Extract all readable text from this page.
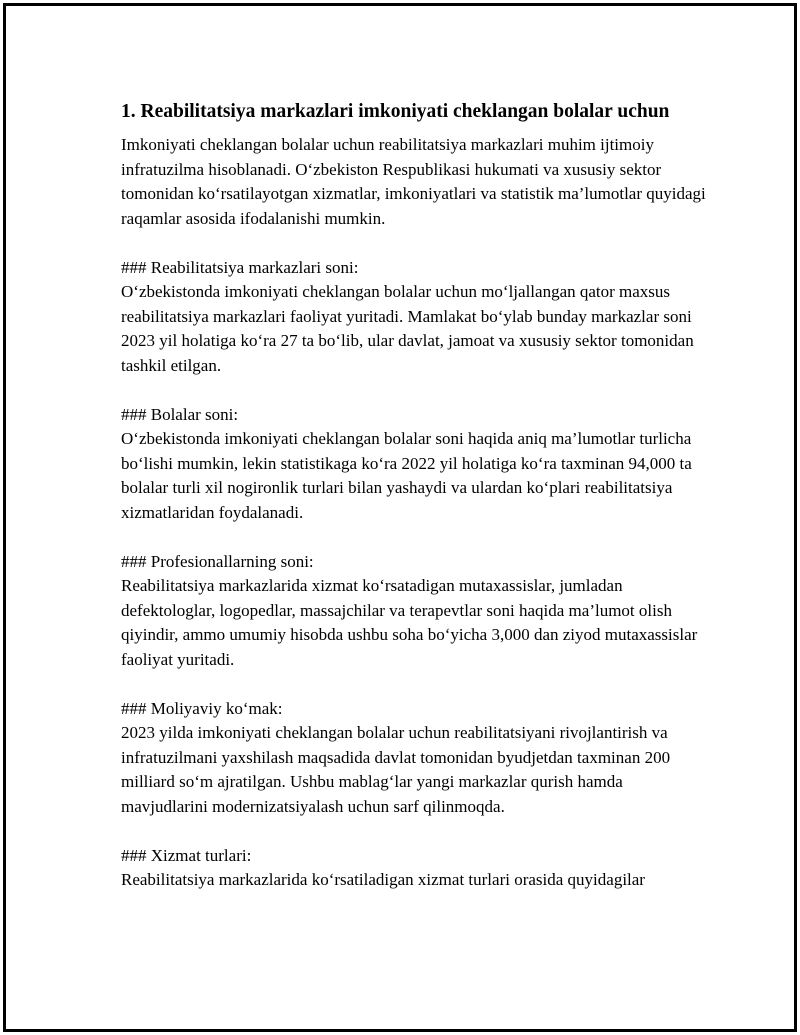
1. Reabilitatsiya markazlari imkoniyati cheklangan bolalar uchun

Imkoniyati cheklangan bolalar uchun reabilitatsiya markazlari muhim ijtimoiy infratuzilma hisoblanadi. O‘zbekiston Respublikasi hukumati va xususiy sektor tomonidan ko‘rsatilayotgan xizmatlar, imkoniyatlari va statistik ma’lumotlar quyidagi raqamlar asosida ifodalanishi mumkin.

### Reabilitatsiya markazlari soni:

O‘zbekistonda imkoniyati cheklangan bolalar uchun mo‘ljallangan qator maxsus reabilitatsiya markazlari faoliyat yuritadi. Mamlakat bo‘ylab bunday markazlar soni 2023 yil holatiga ko‘ra 27 ta bo‘lib, ular davlat, jamoat va xususiy sektor tomonidan tashkil etilgan.

### Bolalar soni:

O‘zbekistonda imkoniyati cheklangan bolalar soni haqida aniq ma’lumotlar turlicha bo‘lishi mumkin, lekin statistikaga ko‘ra 2022 yil holatiga ko‘ra taxminan 94,000 ta bolalar turli xil nogironlik turlari bilan yashaydi va ulardan ko‘plari reabilitatsiya xizmatlaridan foydalanadi.

### Profesionallarning soni:

Reabilitatsiya markazlarida xizmat ko‘rsatadigan mutaxassislar, jumladan defektologlar, logopedlar, massajchilar va terapevtlar soni haqida ma’lumot olish qiyindir, ammo umumiy hisobda ushbu soha bo‘yicha 3,000 dan ziyod mutaxassislar faoliyat yuritadi.

### Moliyaviy ko‘mak:

2023 yilda imkoniyati cheklangan bolalar uchun reabilitatsiyani rivojlantirish va infratuzilmani yaxshilash maqsadida davlat tomonidan byudjetdan taxminan 200 milliard so‘m ajratilgan. Ushbu mablag‘lar yangi markazlar qurish hamda mavjudlarini modernizatsiyalash uchun sarf qilinmoqda.

### Xizmat turlari:

Reabilitatsiya markazlarida ko‘rsatiladigan xizmat turlari orasida quyidagilar
